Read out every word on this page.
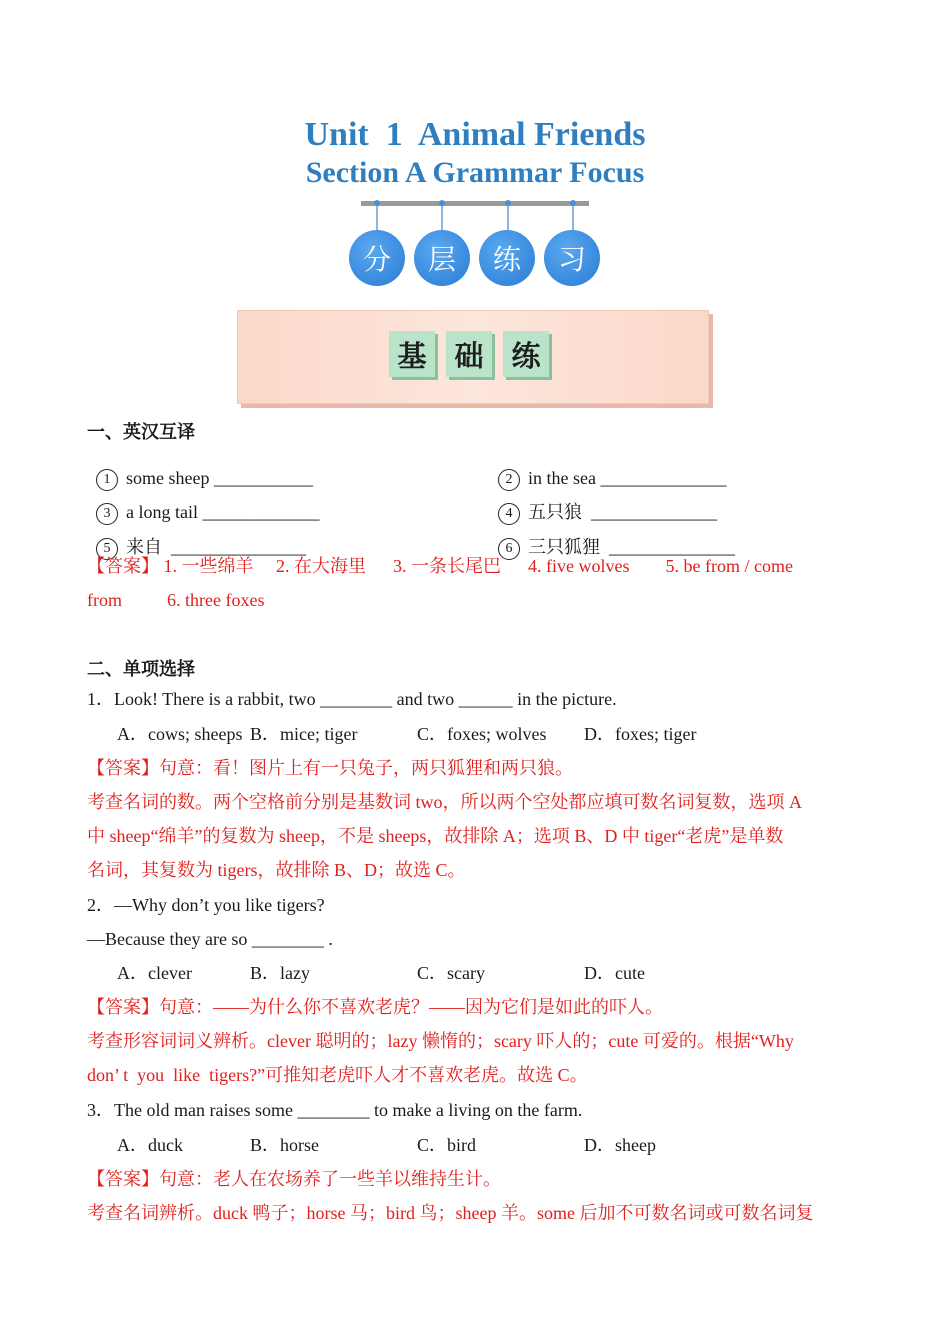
Unit  1  Animal Friends
Section A Grammar Focus
分	层	练	习
基 础 练
一、英汉互译

1 some sheep ___________	2 in the sea ______________

3 a long tail _____________	4 五只狼  ______________

5 来自  _______________	6 三只狐狸  ______________

【答案】 1. 一些绵羊     2. 在大海里      3. 一条长尾巴      4. five wolves        5. be from / come
from          6. three foxes
二、单项选择
1．Look! There is a rabbit, two ________ and two ______ in the picture.
A．cows; sheeps B．mice; tiger	C．foxes; wolves D．foxes; tiger
【答案】句意：看！图片上有一只兔子，两只狐狸和两只狼。
考查名词的数。两个空格前分别是基数词 two，所以两个空处都应填可数名词复数，选项 A
中 sheep“绵羊”的复数为 sheep，不是 sheeps，故排除 A；选项 B、D 中 tiger“老虎”是单数
名词，其复数为 tigers，故排除 B、D；故选 C。
2．—Why don’t you like tigers?
—Because they are so ________ .
A．clever	B．lazy	C．scary	D．cute
【答案】句意：——为什么你不喜欢老虎？——因为它们是如此的吓人。
考查形容词词义辨析。clever 聪明的；lazy 懒惰的；scary 吓人的；cute 可爱的。根据“Why
don’ t  you  like  tigers?”可推知老虎吓人才不喜欢老虎。故选 C。
3．The old man raises some ________ to make a living on the farm.
A．duck	B．horse	C．bird	D．sheep
【答案】句意：老人在农场养了一些羊以维持生计。
考查名词辨析。duck 鸭子；horse 马；bird 鸟；sheep 羊。some 后加不可数名词或可数名词复
